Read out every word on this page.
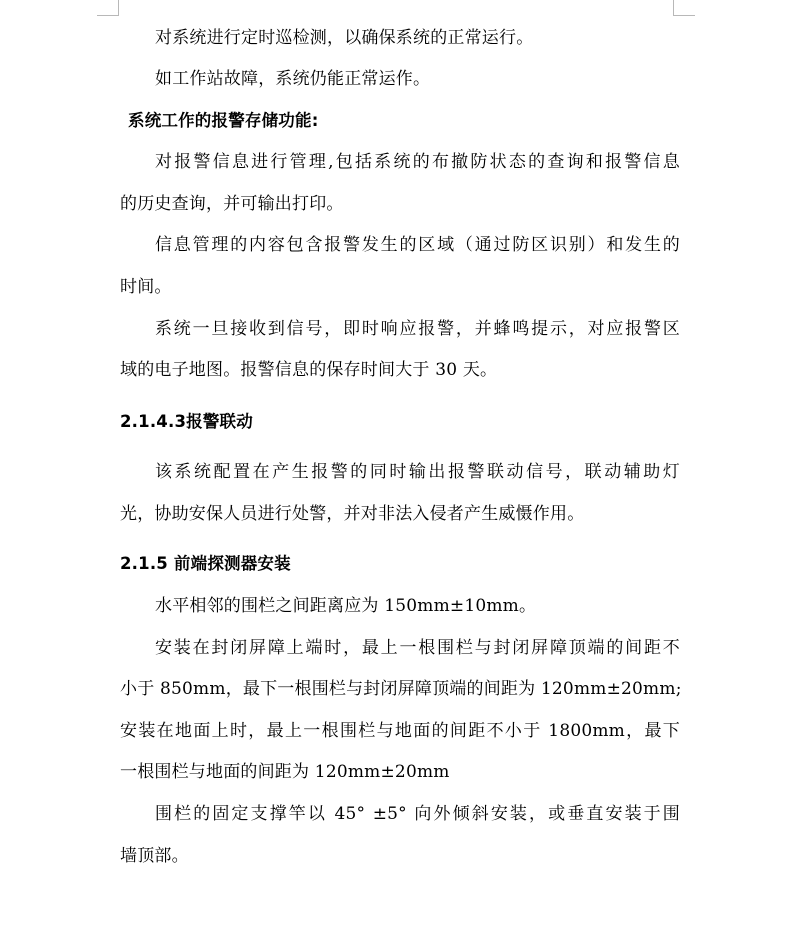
对系统进行定时巡检测，以确保系统的正常运行。
如工作站故障，系统仍能正常运作。
系统工作的报警存储功能:
对报警信息进行管理,包括系统的布撤防状态的查询和报警信息
的历史查询，并可输出打印。
信息管理的内容包含报警发生的区域（通过防区识别）和发生的
时间。
系统一旦接收到信号，即时响应报警，并蜂鸣提示，对应报警区
域的电子地图。报警信息的保存时间大于 30 天。
2.1.4.3报警联动
该系统配置在产生报警的同时输出报警联动信号，联动辅助灯
光，协助安保人员进行处警，并对非法入侵者产生威慑作用。
2.1.5 前端探测器安装
水平相邻的围栏之间距离应为 150mm±10mm。
安装在封闭屏障上端时，最上一根围栏与封闭屏障顶端的间距不
小于 850mm，最下一根围栏与封闭屏障顶端的间距为 120mm±20mm;
安装在地面上时，最上一根围栏与地面的间距不小于 1800mm，最下
一根围栏与地面的间距为 120mm±20mm
围栏的固定支撑竿以 45° ±5° 向外倾斜安装，或垂直安装于围
墙顶部。
